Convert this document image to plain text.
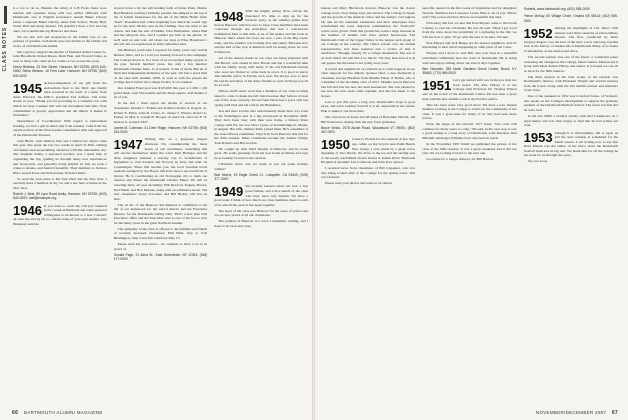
CLASS NOTES

it a tow to do so. Besides the string of C.B Frosts there were lunches and reunions along with two earlier affiliated with Dartmouth, one at English professor's annual Baker Library event, a regional Baker Library, Anne Talk School, Thaler Hall, Yoner Hall and many dinners. I'm grateful I have a few and big ones: www.dartmouth.org Hanover and more.

We are also rich and prosperous in the family lore of our pictures of gardens, both mem ories and details as the family and rivers of old Dartmouth alumni.

Our region to support the Anchor of Demand Arthur Gonna Jr., John Broadbent, Robert Russo, Dem Finn, and Howard Johns, as well as those who came up for a time or two across the years.

Henry Bellows, 32 Elm Street, Hanover, NH 03755; (603) 643-0000; Steve Weston, 16 Fern Lane, Hanover, NH 03755; (603) 643-0000
1945 Acknowledgement of our gift from the endowment fund to the DOC has finally been received in the form of a letter from Andy Harvard, the DOC's president Ted Saffron. The letter stated, in part, "Thank you for providing us a valuable tool with which we may continue that will last throughout this time. Your commitment is greatly appreciated and the impact it makes is invaluable."

Department of Coordination: With regard to endowment funding, we had a gift in hand only from reunion. Gifts from the capital portion of the fund require consultation with and approval of the Dartmouth Trustees.

John Black, with children Nan and I visited two major cities this year. She spent the last two weeks in April in Paris visiting old friends and reacquainting ourselves with this remarkable city. Our daughter Kathy, a seasoned traveler, was a great help in organizing the trip, guiding us through many new experiences and viewpoints, and generally being helpful. In July we took a cruise to Alaska, and found it beautiful. Their numbers to Jackson Hole, Grand Teton and Yellowstone National Parks.

So send me your news to the New Deal and the New Year. I certainly have a mailbox in my car and a site here at home in the New Year.

Robert J. Neis, 89 Lynn Road Amity, Hanover, NH 03755; (603) 643-0000; mail@example.org
1946 If you tried to reach me, I'm just returned from a week in Bermuda and some personal willingness to be known to a few. I haven't all seen the and by far to contain some of your past leaders. Joel Hennessy sent his.

slowed down a bit but still holding forth at Kitter Point, Maine. Bud Brennan, bearing a birthday present, has jumped to the top of list of family fundraisers for the ski of the Mink Holler fund. "Kent" Rosenthal had called inquiring how much he would sign up for the next. Mostly sent us the Chilling. You can write to the tickets, and take the exit of Dublin, New Hampshire, where Bud and the Marjorie live, and I couldn't get him on the phone. So we'll read on and wait. All about our days at Eilse Boulevard a late tell and on experiences in fully somewhat later.

Sue Bishop's previously I reported for many years very well in Denver, Ohio, and so I told you looking forward to the campaign. The College Royal is. For most of us we learned many people of the past. Several hundred years, has only a few hundred Dartmouth families fame, as is natural. Some of them. But all of them had independent memories of the past. We had a good time on the lake with Alumni, 2008, as well as with the people the College knew before the College faculty at our reunion.

Our Alumni Fund goal was $125,000 this year at 1,300 = 100 grand mark. Gail Van Adams and his many agents. And thanks to all of you.

In the end I must report the deaths of several of our classmates: Donald C. Franke and brother Charles A. Rogers, Jr., Robert E. Elliot, John D. Craite, Jr., James T. Warner, Robert G. Ensley on May 6, Joseph B. Hooper on April 24, and Carl F. W. Nelson Jr. in April 1947.

James M. Coleman, 51 Deer Ridge, Hanover, NH 03755; (603) 643-0000
1947 Writing this on a gorgeous August afternoon I'm contemplating the latest hopes of our classmates, something that will resolve themselves under the wind. Kirk Hallager and his three daughters planned a ten-day trip to Scandinavia in September to visit Sweden and Norway by ferry and train via Copenhagen. When this reaches you, the local Swedish travel sessions arranged by Joe Hayes will have been a successful bit of history. He is coordinating an old Norwegian city to mark our reunion and dinner the Dartmouth Charles Maier. We will be traveling there all year including: Bill Rexford, Eugene Brown, Ned Smith, and Bob Mackie, along with an additional dozen. The new classmates' Gerry O'Connor and Bill Hickey will also be here.

The 10 mi. of the Hanover Ski Runners is committed to the fall of our hometown for the school district and the Executive Director for the Dartmouth Outing Club. That's a new plan with Executive office and the Executive who is one of the few to plan for the many years in the great Northern Alumni.

The sympathy of the class is offered to the families and friends of recently deceased classmates: Phil Hunt, July 2, Tom Huntington, June 3 and Jim Lunsford, May 15.

Please send me your news... we continue to have a lot to be proud of.

Donald Page, 21 Alma St., East Greenbush, NY 12061; (518) 477-0000
1948 With the mighty spring alive, roll-up the bleachers! It's time to sign up for the fantastic party, as the summer games start here in Hanover, which is ever so busy. Class members have been contacted through the newsletter that had a well-known nomination fund at this time. A lot of fun games and the track in Hanover that's where the boys are now a part of the Big Green team, and the weather was looking nice and sunny. Between now and the end of the year at Reunion we'll be seeing those we love in Hanover.

All of the annual events in our class are being prepared with Jim Brown, who ended in New Haven and has a wonderful time with his family along with many of his old Dartmouth friends who were not invited to come back in town. It is good to know Jim remains active in Florida each year. We always love to hear his stories and those of his many friends as well, and hope you all do as well.

Wilson Graff sends word that a member of our class is being asked to come to make the fall visits because they believe at least one of the class can help. Ed and June Davis had a good visit last spring with Ned and his wife in the Berkshires.

Ted and June Cronin who unfortunately made their way back to the Washington area in a big snowstorm in November 2006. They have been busy with their new home, a Kittery Point cottage with Ed, his son Steve Lyons of Kennebunkport, Maine, in August. His wife, Shelley Ruth, joined them. He's a member of the class officers committee. They'll all be in Hanover this fall for the 60th reunion. Other classmates include the Adams family, Tom Roberts and Hal Gordon.

We caught up with Ward Dunlap in Hanover, and he looks great. He sends greetings from his new home in Maine and says he is looking forward to the reunion.

Christmas letter: Are we ready to put out some holiday wishes?

Bob Morris, 49 Eagle Creek Ct., Lafayette, CA 94549; (925) 377-0000
1949 We recently learned about our loss: a few good friends, and a nice bunch of the class who have been very helpful. We have a good team. I think of how much our class members mean to each of us and all the years it has spent together.

The heart of the class was Hanover for the years of school and we are now proud of all our classmates.

The reunion of Hanover is a town I remember visiting, and I hope to be back next year.

66 DARTMOUTH ALUMNI MAGAZINE

houses and Mary Hitchcock doctors, Hanover was the classic college town. Now things have just moved. The College is busier and the growth of the medical center and the Army's cold regions lab and all the attendant businesses and their employees have transformed the town. Adjacent communities, the "bedroom" towns, have grown. With this growth has come a large increase in the number of alumni who have settled hereabouts. The Dartmouth Club of the Upper Valley is the largest such group of our College in the country. The visitor started over the alumni representative, has been reported and a review of that is unofficial. "Though, already it's a college destination. The rest of us don't mind. We just like it so much." We may hear how it is in our papers but the issue is not going away soon.

A recent and tangible bit of evidence as to what happens in our class supports for the athletic sponsor fund, a new memorial to classmate George Hartman from Maddie Feiser of Dallas, who is a member of the incoming class of 2011. Maddie was in Hanover last fall and saw the new ski team announced. She was pleased to see how the new team came together, and she has taken to the slopes.

Last to you this year: a long way. Dartmouth's slope is good news, and we're looking forward to it all, especially in the winter. Plan to make it one more time.

Our class lives in Texas and 48 states of Honolulu, Hawaii, and Bill Peterson is staying with the new Tuck graduates.

Bruce Vinick, 1978 Austin Road, Woodstock VT 05091; (802) 457-0000
1950 Come to Florida for the reunion! A few days ago, while on my bicycle near Palm Beach, New Jersey, I was struck by a giant wave. Speaking of Vero Beach, the drive to the tee and the surfing area at the newly established Ocean Grand at Indian River Memorial Hospital is splendid. Lin Comstock and John Poor shared.

I received news from classmates of Bill Carpenter, who was also being looked after at the College for the spring event. This was fantastic.

Please send your photos and notes to be shared.

seen this quarter in the first week of September and for daughters Nevada, Sherman and Lawrence Lewis. Best to all of you. What's next? The ocean and Saco Rivers are beautiful this time.

Following this fall, we met that Pete Meyers came to the North Country to visit his old haunts. He was all well. When I got word from the class about the possibility of a gathering in the fall, we will see how to plan. I'll go with the idea to be here, I'm sure.

Pete Meyers and Jack Haney are the nearest neighbors, and it's interesting to hear what's happening in other parts of our Class.

Eleanor and I drove to visit Bill, who now lives in a beautiful retirement community near the town of Dartmouth. He is doing well and enjoys talking about our school days together.

Ben Horowitz, 255 North Gardens Grove Center, Brock, KY 35662; (770) 569-0000
1951 Let's get started with two items you may not have heard. The Rev. Halsey is at the College with Professor Dr. Thomas Wilson and on the board of the Dartmouth Center. He has been a great help with the new alumni work in the North Country.

This has been some very good news: We have a new alumni member working at the College to build out the community of the class. It was a great time for many of us who had been there before.

From the pages of the October 1977 issue: "Our class will continue for many years to come." He said, in his own way, it was a good ending to a long story of Dartmouth. John Petersen, Dan Mitchell and Roger Williams have also been in touch.

In the November 1997 DAM we published the picture of the class at the 50th reunion. It was a great weekend, and it did not rain. We are looking forward to the next one.

Go online for a longer obituary for Bill Harlow.

Roberts, www.dartmouth.org; (602) 555-0000
Pierce McKay, 50 Village Circle, Omaha NE 68114; (402) 555-0000
1952 Among the highlights of last June's 55th reunion were three sessions of extraordinary interest. The first, conducted by Dean Gregory Rogers, was the best of the best: a new and long overdue look at the history of student life at Dartmouth. Many of us found it remarkable, as has been noted since.

The second session was one of the finest: a wonderful panel reviewing the changes in the College. Dean Charles Johnson led it along with Dean Robert Halsey and others. It is hoped we can all be back for the 60th reunion.

The third session in the later weeks of the reunion was Dartmouth's finance, with President Wright and several trustees from the board, along with the full alumni council and members of the class.

One of the speakers in 1952 was Crawford Jones, of Vermont, who spoke on the College's development to support the graduate students of the Dartmouth Medical School. The event was full and all went well.

In the late 1990s I worked closely with Ned Granmoore on a legal matter and was then happy to find that he had joined our class.

1953 Though it is mid-summer, fall is upon us and the next reunion is scheduled for the fourth season. I am writing now to say that Dave Elstein was the author of the piece about the Dartmouth football team and its big win. We thank him for all the writing he has done for us through the years.

See you soon.

NOVEMBER/DECEMBER 2007 67
